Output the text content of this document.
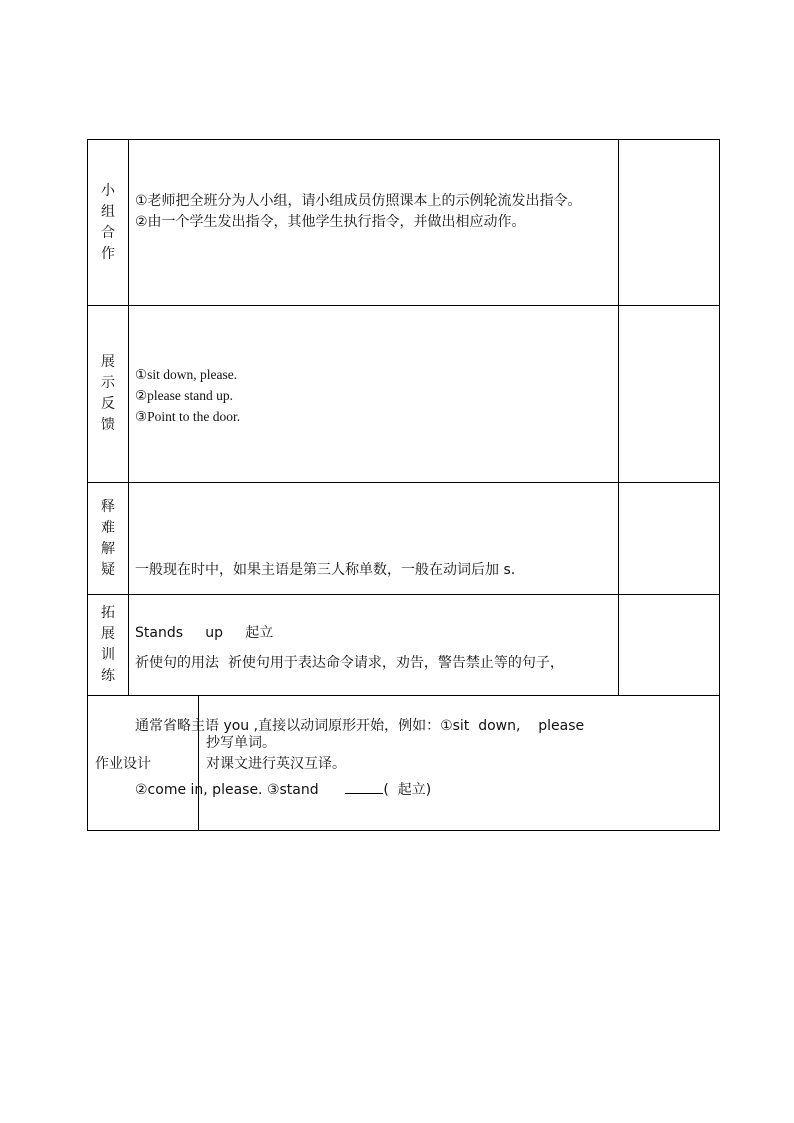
小
组
合
作
①老师把全班分为人小组，请小组成员仿照课本上的示例轮流发出指令。
②由一个学生发出指令，其他学生执行指令，并做出相应动作。
展
示
反
馈
①sit down, please.
②please stand up.
③Point to the door.
释
难
解
疑

	一般现在时中，如果主语是第三人称单数，一般在动词后加 s.

Stands     up     起立

拓
展
训
练

祈使句的用法  祈使句用于表达命令请求，劝告，警告禁止等的句子，

通常省略主语 you ,直接以动词原形开始，例如：①sit  down,    please

②come in, please. ③stand	(  起立)

作业设计
抄写单词。
对课文进行英汉互译。
